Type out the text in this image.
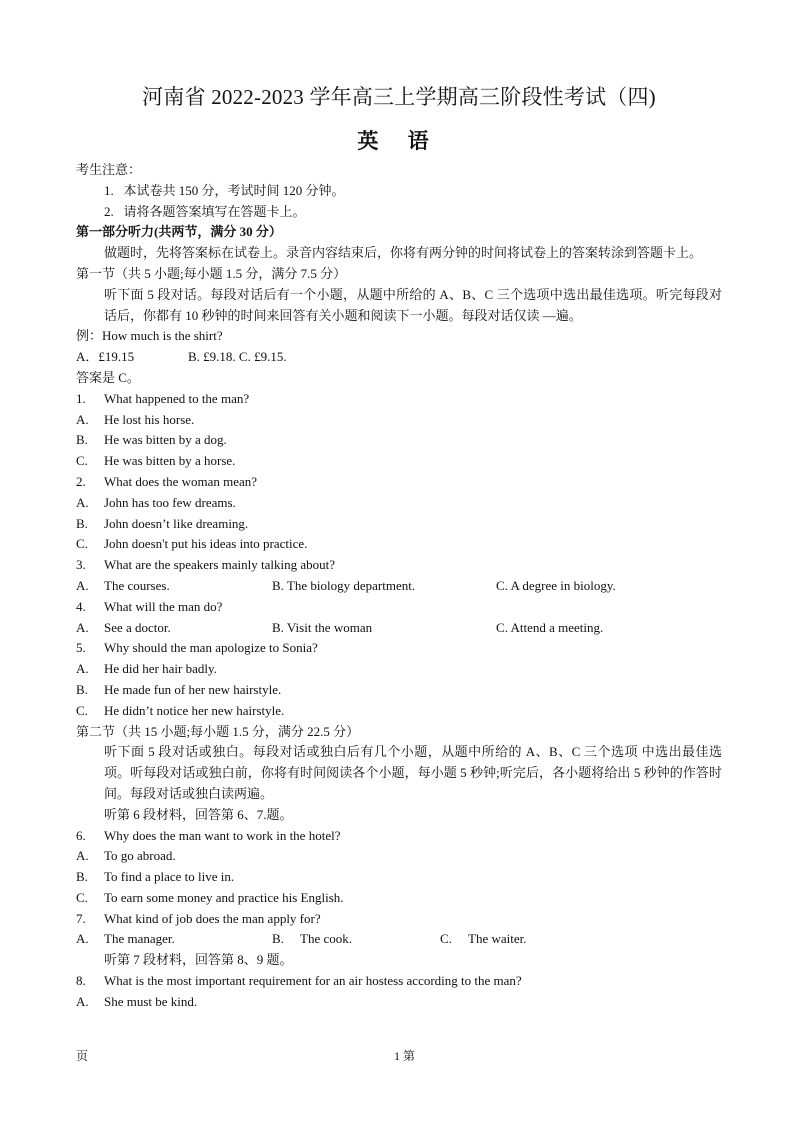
河南省 2022-2023 学年高三上学期高三阶段性考试（四)
英 语
考生注意：
1.   本试卷共 150 分，考试时间 120 分钟。
2.   请将各题答案填写在答题卡上。
第一部分听力(共两节，满分 30 分）
做题时，先将答案标在试卷上。录音内容结束后，你将有两分钟的时间将试卷上的答案转涂到答题卡上。
第一节（共 5 小题;每小题 1.5 分，满分 7.5 分）
听下面 5 段对话。每段对话后有一个小题，从题中所给的 A、B、C 三个选项中选出最佳选项。听完每段对话后，你都有 10 秒钟的时间来回答有关小题和阅读下一小题。每段对话仅读 —遍。
例：How much is the shirt?
A．£19.15	B. £9.18. C. £9.15.
答案是 C。
1.	What happened to the man?
A.	He lost his horse.
B.	He was bitten by a dog.
C.	He was bitten by a horse.
2.	What does the woman mean?
A.	John has too few dreams.
B.	John doesn’t like dreaming.
C.	John doesn't put his ideas into practice.
3.	What are the speakers mainly talking about?
A.	The courses.	B. The biology department.	C. A degree in biology.
4.	What will the man do?
A.	See a doctor.	B. Visit the woman	C. Attend a meeting.
5.	Why should the man apologize to Sonia?
A.	He did her hair badly.
B.	He made fun of her new hairstyle.
C.	He didn’t notice her new hairstyle.
第二节（共 15 小题;每小题 1.5 分，满分 22.5 分）
听下面 5 段对话或独白。每段对话或独白后有几个小题，从题中所给的 A、B、C 三个选项 中选出最佳选项。听每段对话或独白前，你将有时间阅读各个小题，每小题 5 秒钟;听完后，各小题将给出 5 秒钟的作答时间。每段对话或独白读两遍。
听第 6 段材料，回答第 6、7.题。
6.	Why does the man want to work in the hotel?
A.	To go abroad.
B.	To find a place to live in.
C.	To earn some money and practice his English.
7.	What kind of job does the man apply for?
A.	The manager.	B.	The cook.	C.	The waiter.
听第 7 段材料，回答第 8、9 题。
8.	What is the most important requirement for an air hostess according to the man?
A.	She must be kind.
页	1 第
